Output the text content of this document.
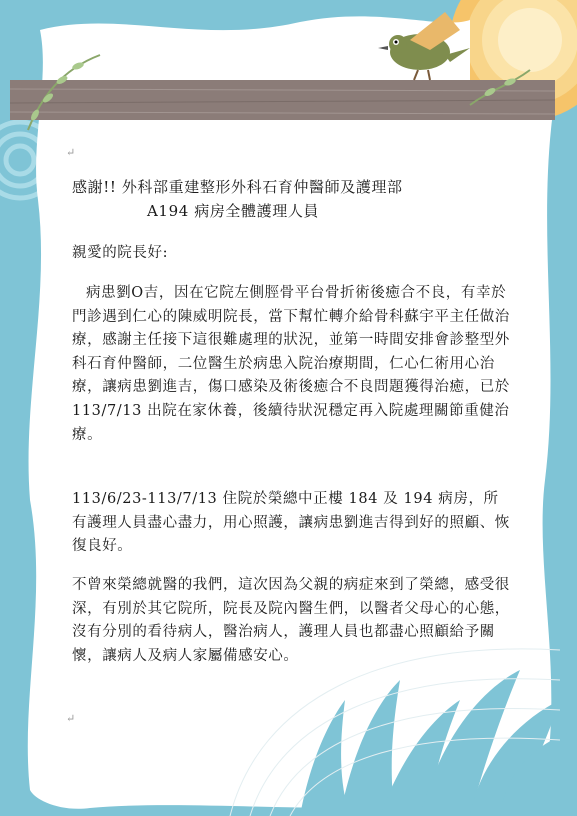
↵
感謝!! 外科部重建整形外科石育仲醫師及護理部
A194 病房全體護理人員
親愛的院長好:
病患劉O吉，因在它院左側脛骨平台骨折術後癒合不良，有幸於門診遇到仁心的陳威明院長，當下幫忙轉介給骨科蘇宇平主任做治療，感謝主任接下這很難處理的狀況，並第一時間安排會診整型外科石育仲醫師，二位醫生於病患入院治療期間，仁心仁術用心治療，讓病患劉進吉，傷口感染及術後癒合不良問題獲得治癒，已於113/7/13 出院在家休養，後續待狀況穩定再入院處理關節重健治療。
113/6/23-113/7/13 住院於榮總中正樓 184 及 194 病房，所有護理人員盡心盡力，用心照護，讓病患劉進吉得到好的照顧、恢復良好。
不曾來榮總就醫的我們，這次因為父親的病症來到了榮總，感受很深，有別於其它院所，院長及院內醫生們，以醫者父母心的心態，沒有分別的看待病人，醫治病人，護理人員也都盡心照顧給予關懷，讓病人及病人家屬備感安心。
↵
